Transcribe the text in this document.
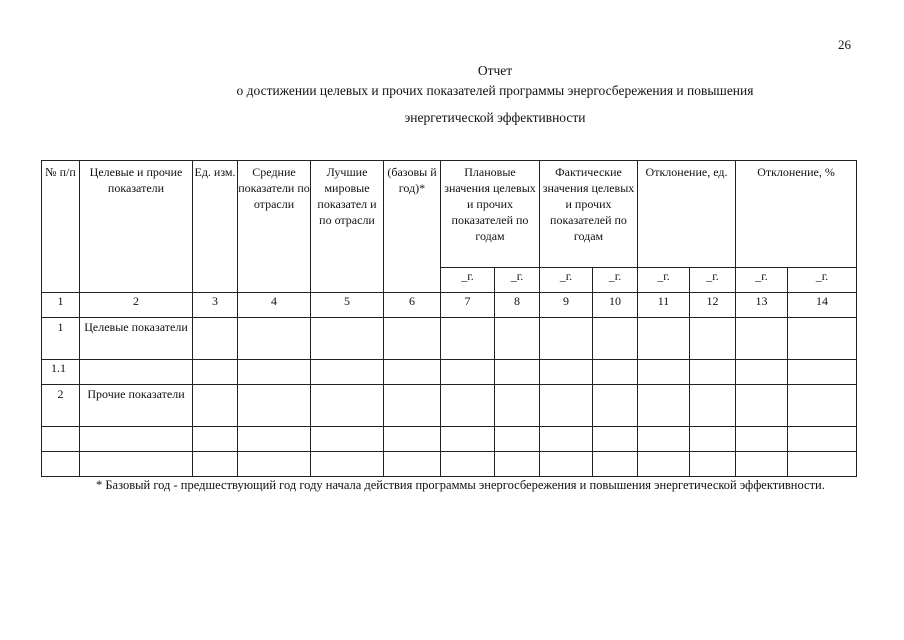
26
Отчет
о достижении целевых и прочих показателей программы энергосбережения и повышения
энергетической эффективности
№ п/п	Целевые и прочие показатели	Ед. изм.	Средние показатели по отрасли	Лучшие мировые показател и по отрасли	(базовы й год)*	Плановые значения целевых и прочих показателей по годам		Фактические значения целевых и прочих показателей по годам		Отклонение, ед.		Отклонение, %	

						_г.	_г.	_г.	_г.	_г.	_г.	_г.	_г.
1	2	3	4	5	6	7	8	9	10	11	12	13	14

1	Целевые показатели												

1.1													

2	Прочие показатели												

* Базовый год - предшествующий год году начала действия программы энергосбережения и повышения энергетической эффективности.
